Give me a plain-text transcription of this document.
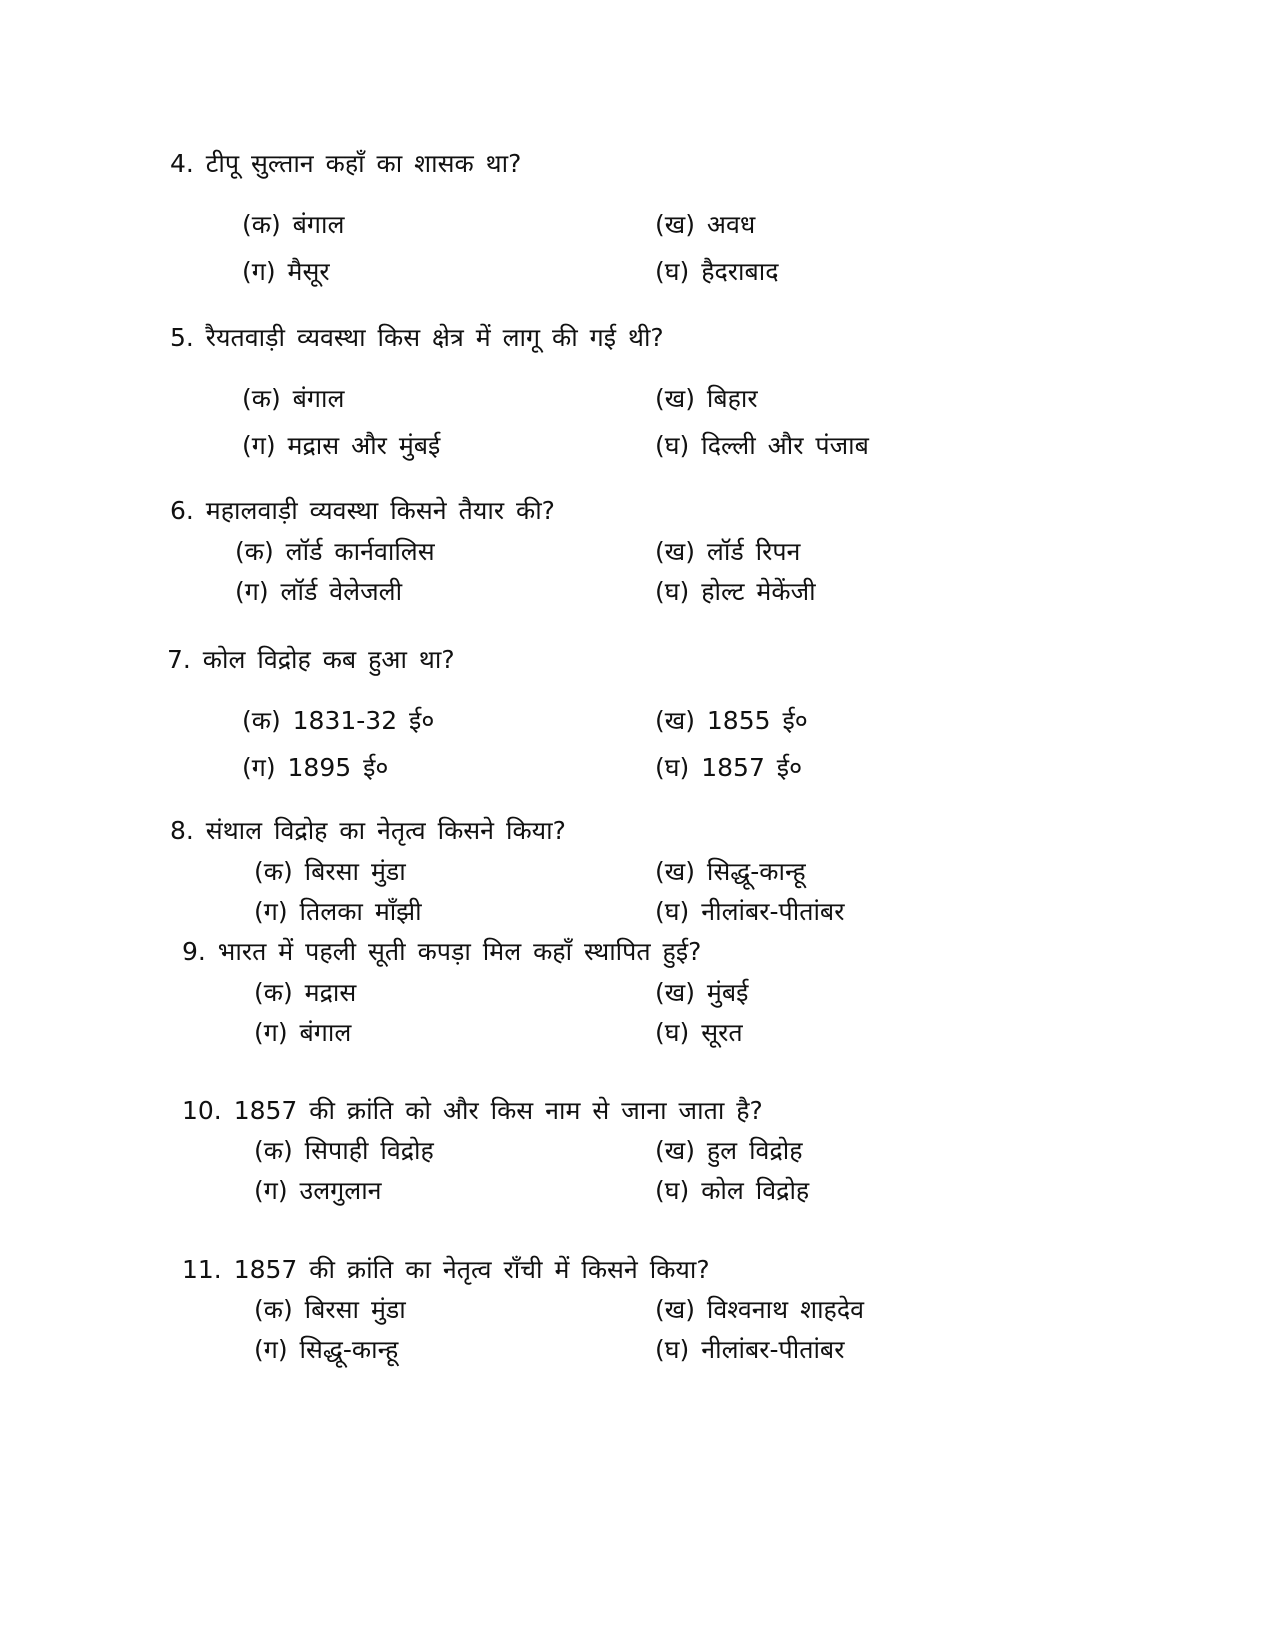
4. टीपू सुल्तान कहाँ का शासक था?
(क) बंगाल	(ख) अवध
(ग) मैसूर	(घ) हैदराबाद
5. रैयतवाड़ी व्यवस्था किस क्षेत्र में लागू की गई थी?
(क) बंगाल	(ख) बिहार
(ग) मद्रास और मुंबई	(घ) दिल्ली और पंजाब
6. महालवाड़ी व्यवस्था किसने तैयार की?
(क) लॉर्ड कार्नवालिस	(ख) लॉर्ड रिपन
(ग) लॉर्ड वेलेजली	(घ) होल्ट मेकेंजी
7. कोल विद्रोह कब हुआ था?
(क) 1831-32 ई०	(ख) 1855 ई०
(ग) 1895 ई०	(घ) 1857 ई०
8. संथाल विद्रोह का नेतृत्व किसने किया?
(क) बिरसा मुंडा	(ख) सिद्धू-कान्हू
(ग) तिलका माँझी	(घ) नीलांबर-पीतांबर
9. भारत में पहली सूती कपड़ा मिल कहाँ स्थापित हुई?
(क) मद्रास	(ख) मुंबई
(ग) बंगाल	(घ) सूरत
10. 1857 की क्रांति को और किस नाम से जाना जाता है?
(क) सिपाही विद्रोह	(ख) हुल विद्रोह
(ग) उलगुलान	(घ) कोल विद्रोह
11. 1857 की क्रांति का नेतृत्व राँची में किसने किया?
(क) बिरसा मुंडा	(ख) विश्वनाथ शाहदेव
(ग) सिद्धू-कान्हू	(घ) नीलांबर-पीतांबर
